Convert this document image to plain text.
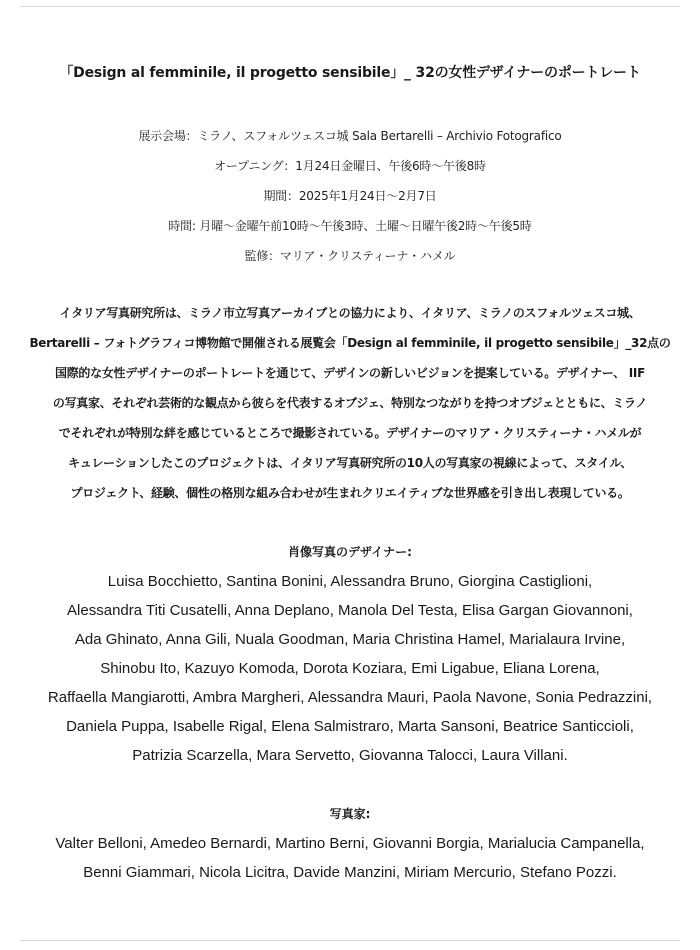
「Design al femminile, il progetto sensibile」_ 32の女性デザイナーのポートレート
展示会場：ミラノ、スフォルツェスコ城 Sala Bertarelli – Archivio Fotografico
オープニング：1月24日金曜日、午後6時〜午後8時
期間：2025年1月24日〜2月7日
時間: 月曜〜金曜午前10時〜午後3時、土曜〜日曜午後2時〜午後5時
監修：マリア・クリスティーナ・ハメル
イタリア写真研究所は、ミラノ市立写真アーカイブとの協力により、イタリア、ミラノのスフォルツェスコ城、
Bertarelli – フォトグラフィコ博物館で開催される展覧会「Design al femminile, il progetto sensibile」_32点の
国際的な女性デザイナーのポートレートを通じて、デザインの新しいビジョンを提案している。デザイナー、 IIF
の写真家、それぞれ芸術的な観点から彼らを代表するオブジェ、特別なつながりを持つオブジェとともに、ミラノ
でそれぞれが特別な絆を感じているところで撮影されている。デザイナーのマリア・クリスティーナ・ハメルが
キュレーションしたこのプロジェクトは、イタリア写真研究所の10人の写真家の視線によって、スタイル、
プロジェクト、経験、個性の格別な組み合わせが生まれクリエイティブな世界感を引き出し表現している。
肖像写真のデザイナー:
Luisa Bocchietto, Santina Bonini, Alessandra Bruno, Giorgina Castiglioni,
Alessandra Titi Cusatelli, Anna Deplano, Manola Del Testa, Elisa Gargan Giovannoni,
Ada Ghinato, Anna Gili, Nuala Goodman, Maria Christina Hamel, Marialaura Irvine,
Shinobu Ito, Kazuyo Komoda, Dorota Koziara, Emi Ligabue, Eliana Lorena,
Raffaella Mangiarotti, Ambra Margheri, Alessandra Mauri, Paola Navone, Sonia Pedrazzini,
Daniela Puppa, Isabelle Rigal, Elena Salmistraro, Marta Sansoni, Beatrice Santiccioli,
Patrizia Scarzella, Mara Servetto, Giovanna Talocci, Laura Villani.
写真家:
Valter Belloni, Amedeo Bernardi, Martino Berni, Giovanni Borgia, Marialucia Campanella,
Benni Giammari, Nicola Licitra, Davide Manzini, Miriam Mercurio, Stefano Pozzi.
